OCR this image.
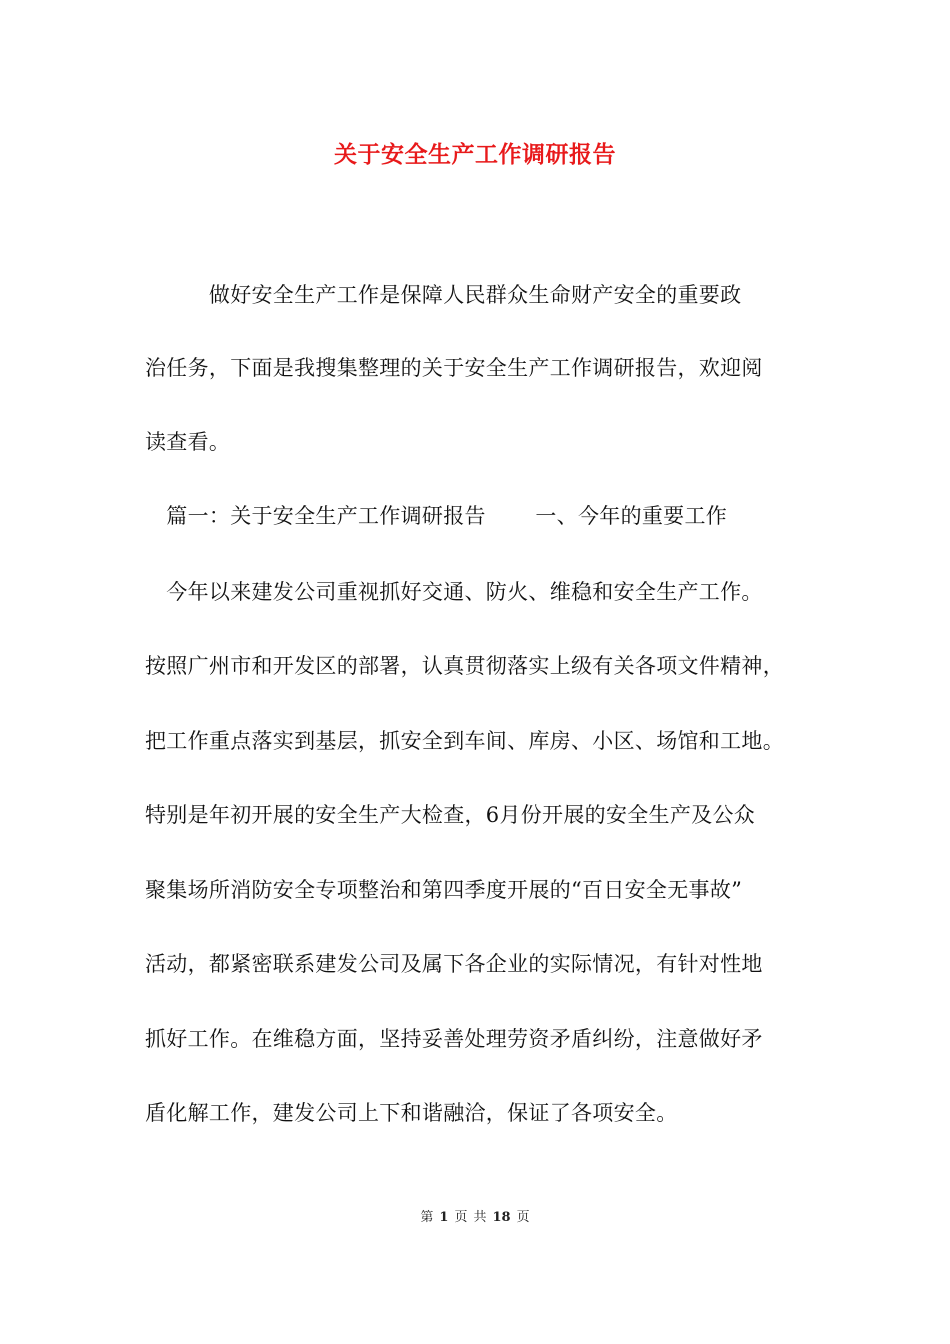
关于安全生产工作调研报告
　　　做好安全生产工作是保障人民群众生命财产安全的重要政
治任务，下面是我搜集整理的关于安全生产工作调研报告，欢迎阅
读查看。
　篇一：关于安全生产工作调研报告　　 一、今年的重要工作
　今年以来建发公司重视抓好交通、防火、维稳和安全生产工作。
按照广州市和开发区的部署，认真贯彻落实上级有关各项文件精神，
把工作重点落实到基层，抓安全到车间、库房、小区、场馆和工地。
特别是年初开展的安全生产大检查，6月份开展的安全生产及公众
聚集场所消防安全专项整治和第四季度开展的“百日安全无事故”
活动，都紧密联系建发公司及属下各企业的实际情况，有针对性地
抓好工作。在维稳方面，坚持妥善处理劳资矛盾纠纷，注意做好矛
盾化解工作，建发公司上下和谐融洽，保证了各项安全。
第 1 页 共 18 页
